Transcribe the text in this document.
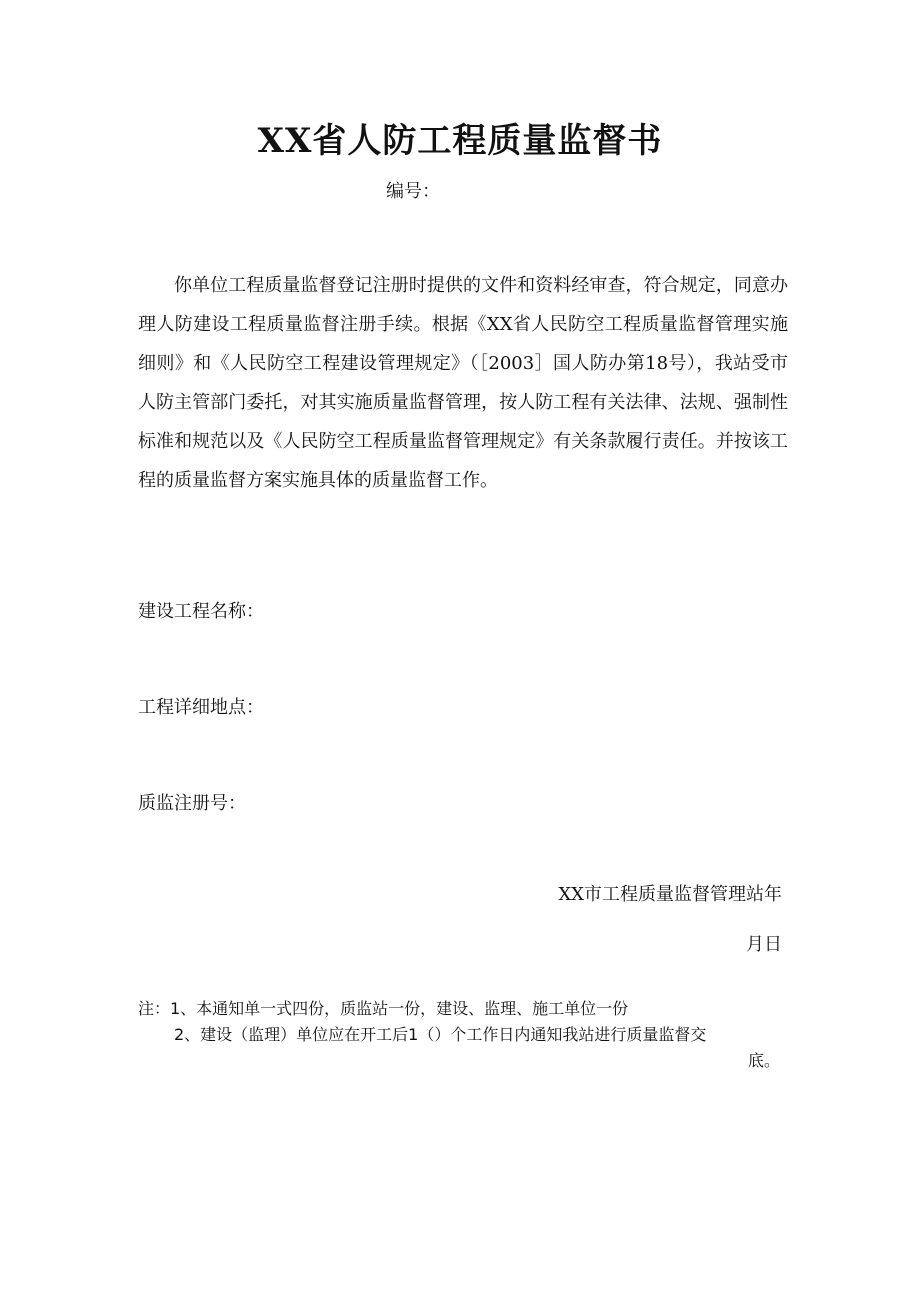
XX省人防工程质量监督书
编号：

你单位工程质量监督登记注册时提供的文件和资料经审查，符合规定，同意办理人防建设工程质量监督注册手续。根据《XX省人民防空工程质量监督管理实施细则》和《人民防空工程建设管理规定》（［2003］国人防办第18号），我站受市人防主管部门委托，对其实施质量监督管理，按人防工程有关法律、法规、强制性标准和规范以及《人民防空工程质量监督管理规定》有关条款履行责任。并按该工程的质量监督方案实施具体的质量监督工作。

建设工程名称：
工程详细地点：
质监注册号：
XX市工程质量监督管理站年
月日
注：1、本通知单一式四份，质监站一份，建设、监理、施工单位一份
2、建设（监理）单位应在开工后1（）个工作日内通知我站进行质量监督交
底。
